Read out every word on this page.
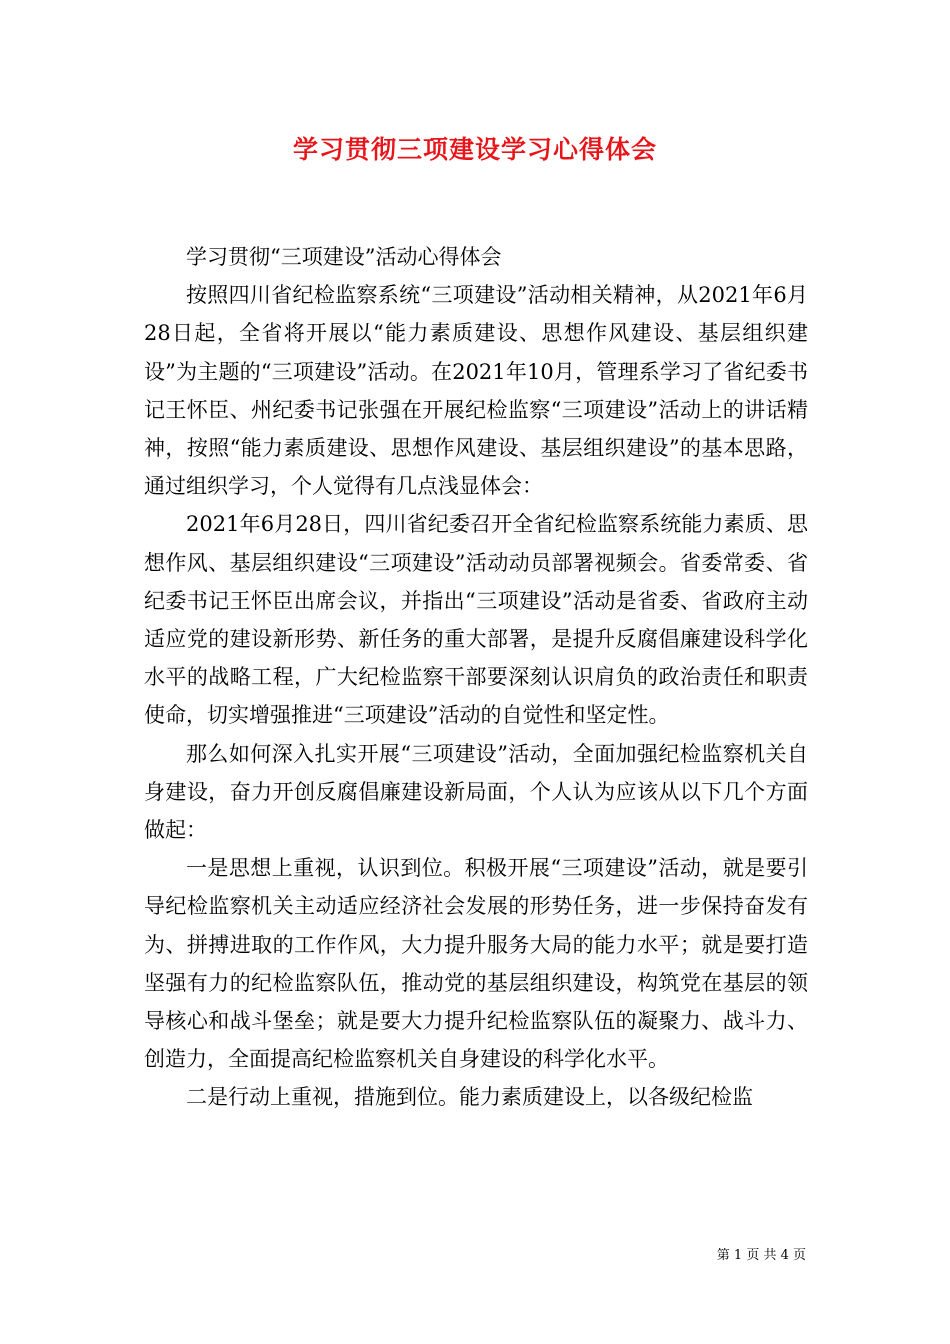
学习贯彻三项建设学习心得体会

学习贯彻“三项建设”活动心得体会

按照四川省纪检监察系统“三项建设”活动相关精神，从2021年6月28日起，全省将开展以“能力素质建设、思想作风建设、基层组织建设”为主题的“三项建设”活动。在2021年10月，管理系学习了省纪委书记王怀臣、州纪委书记张强在开展纪检监察“三项建设”活动上的讲话精神，按照“能力素质建设、思想作风建设、基层组织建设”的基本思路，通过组织学习，个人觉得有几点浅显体会：

2021年6月28日，四川省纪委召开全省纪检监察系统能力素质、思想作风、基层组织建设“三项建设”活动动员部署视频会。省委常委、省纪委书记王怀臣出席会议，并指出“三项建设”活动是省委、省政府主动适应党的建设新形势、新任务的重大部署，是提升反腐倡廉建设科学化水平的战略工程，广大纪检监察干部要深刻认识肩负的政治责任和职责使命，切实增强推进“三项建设”活动的自觉性和坚定性。

那么如何深入扎实开展“三项建设”活动，全面加强纪检监察机关自身建设，奋力开创反腐倡廉建设新局面，个人认为应该从以下几个方面做起：

一是思想上重视，认识到位。积极开展“三项建设”活动，就是要引导纪检监察机关主动适应经济社会发展的形势任务，进一步保持奋发有为、拼搏进取的工作作风，大力提升服务大局的能力水平；就是要打造坚强有力的纪检监察队伍，推动党的基层组织建设，构筑党在基层的领导核心和战斗堡垒；就是要大力提升纪检监察队伍的凝聚力、战斗力、创造力，全面提高纪检监察机关自身建设的科学化水平。

二是行动上重视，措施到位。能力素质建设上，以各级纪检监

第 1 页 共 4 页
